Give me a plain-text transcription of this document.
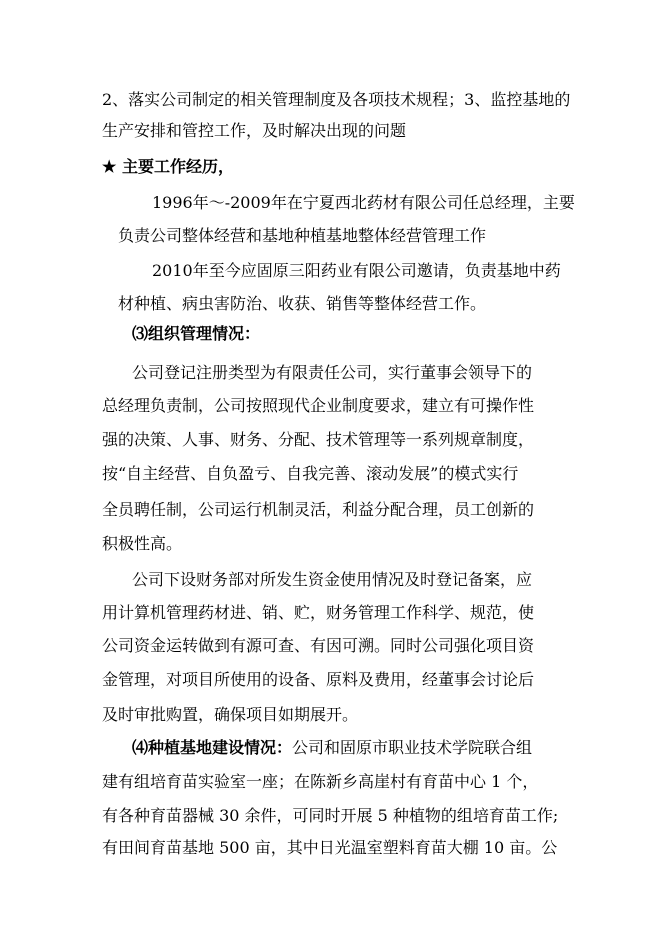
2、落实公司制定的相关管理制度及各项技术规程；3、监控基地的
生产安排和管控工作，及时解决出现的问题
★ 主要工作经历，
1996年～-2009年在宁夏西北药材有限公司任总经理，主要
负责公司整体经营和基地种植基地整体经营管理工作
2010年至今应固原三阳药业有限公司邀请，负责基地中药
材种植、病虫害防治、收获、销售等整体经营工作。
⑶组织管理情况：
公司登记注册类型为有限责任公司，实行董事会领导下的
总经理负责制，公司按照现代企业制度要求，建立有可操作性
强的决策、人事、财务、分配、技术管理等一系列规章制度，
按“自主经营、自负盈亏、自我完善、滚动发展”的模式实行
全员聘任制，公司运行机制灵活，利益分配合理，员工创新的
积极性高。
公司下设财务部对所发生资金使用情况及时登记备案，应
用计算机管理药材进、销、贮，财务管理工作科学、规范，使
公司资金运转做到有源可查、有因可溯。同时公司强化项目资
金管理，对项目所使用的设备、原料及费用，经董事会讨论后
及时审批购置，确保项目如期展开。
⑷种植基地建设情况：公司和固原市职业技术学院联合组
建有组培育苗实验室一座；在陈新乡高崖村有育苗中心 1 个，
有各种育苗器械 30 余件，可同时开展 5 种植物的组培育苗工作;
有田间育苗基地 500 亩，其中日光温室塑料育苗大棚 10 亩。公
